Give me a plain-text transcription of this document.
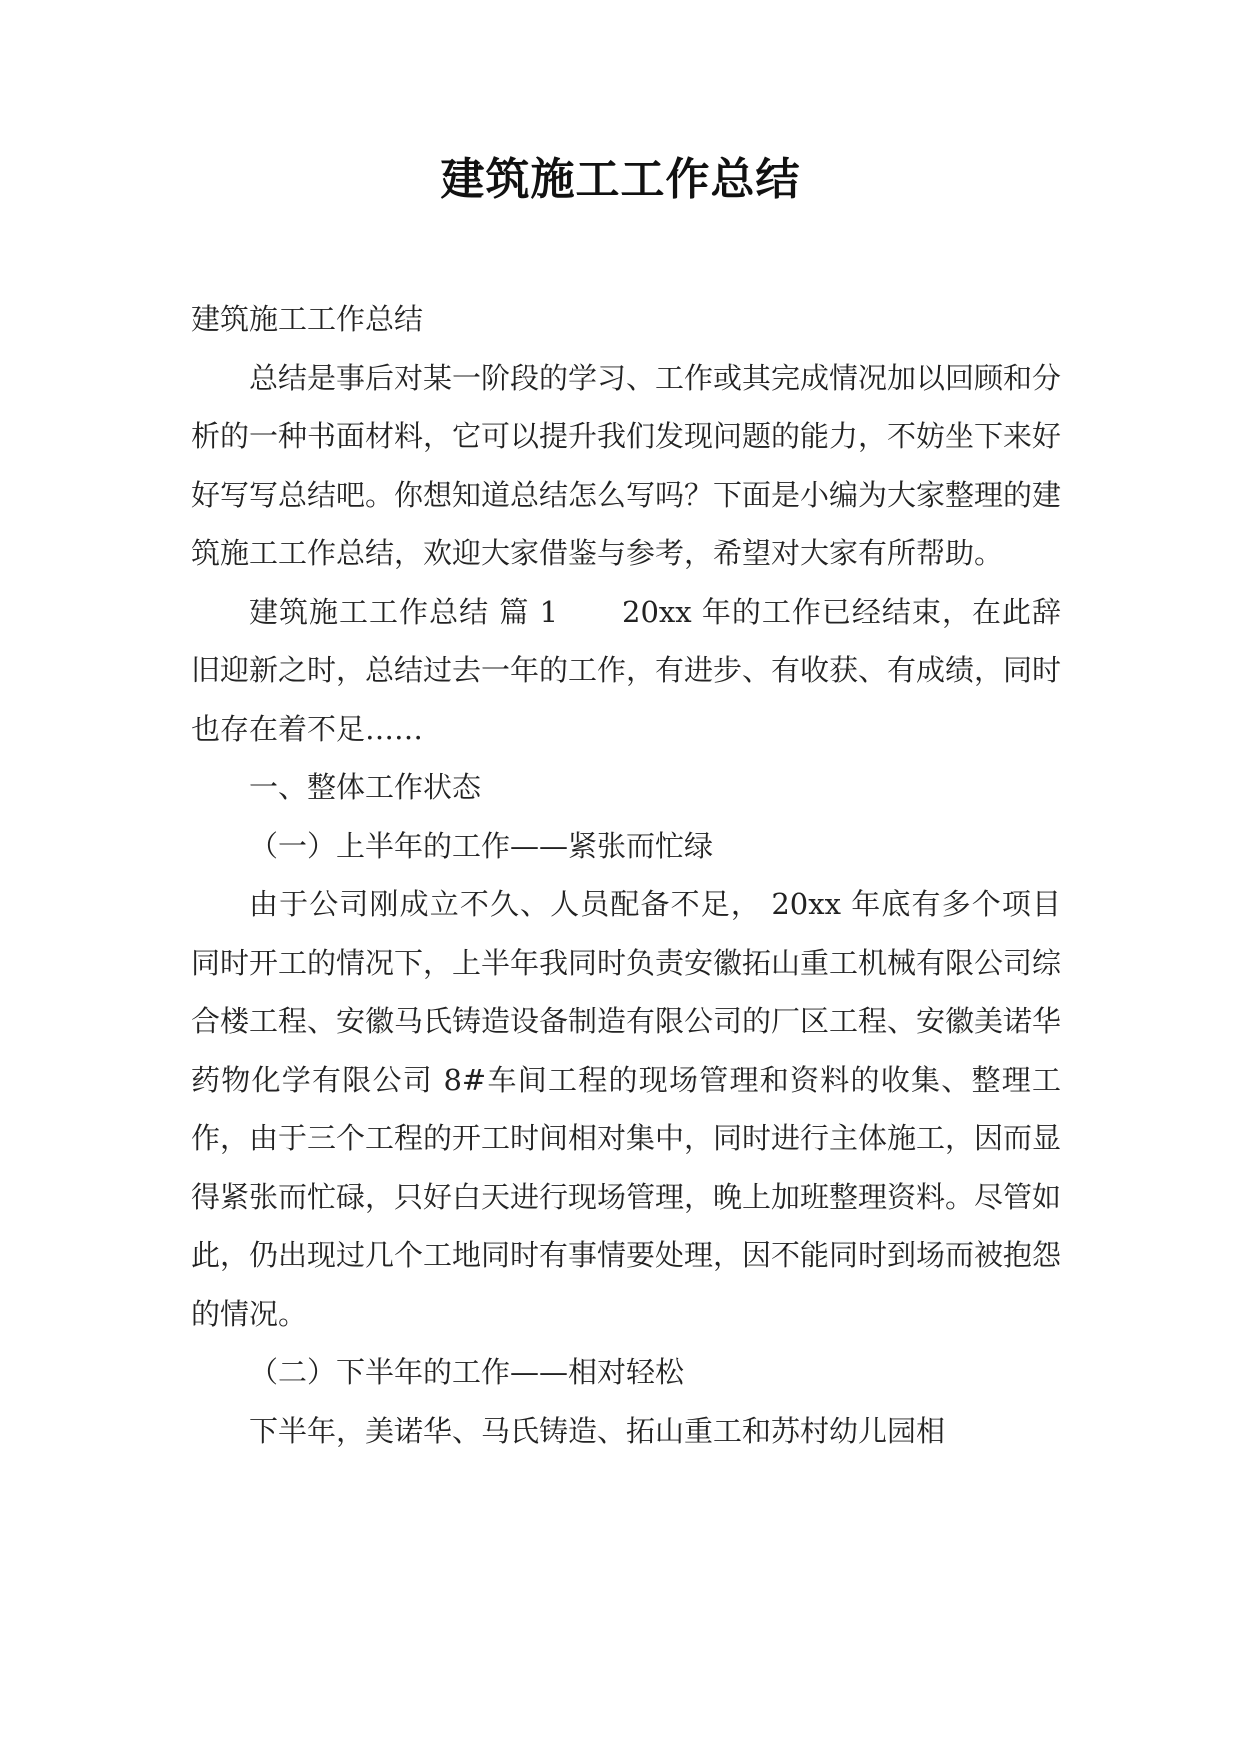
建筑施工工作总结

建筑施工工作总结

总结是事后对某一阶段的学习、工作或其完成情况加以回顾和分析的一种书面材料，它可以提升我们发现问题的能力，不妨坐下来好好写写总结吧。你想知道总结怎么写吗？下面是小编为大家整理的建筑施工工作总结，欢迎大家借鉴与参考，希望对大家有所帮助。

建筑施工工作总结 篇 1 20xx 年的工作已经结束，在此辞旧迎新之时，总结过去一年的工作，有进步、有收获、有成绩，同时也存在着不足……

一、整体工作状态

（一）上半年的工作——紧张而忙绿

由于公司刚成立不久、人员配备不足， 20xx 年底有多个项目同时开工的情况下，上半年我同时负责安徽拓山重工机械有限公司综合楼工程、安徽马氏铸造设备制造有限公司的厂区工程、安徽美诺华药物化学有限公司 8#车间工程的现场管理和资料的收集、整理工作，由于三个工程的开工时间相对集中，同时进行主体施工，因而显得紧张而忙碌，只好白天进行现场管理，晚上加班整理资料。尽管如此，仍出现过几个工地同时有事情要处理，因不能同时到场而被抱怨的情况。

（二）下半年的工作——相对轻松

下半年，美诺华、马氏铸造、拓山重工和苏村幼儿园相
